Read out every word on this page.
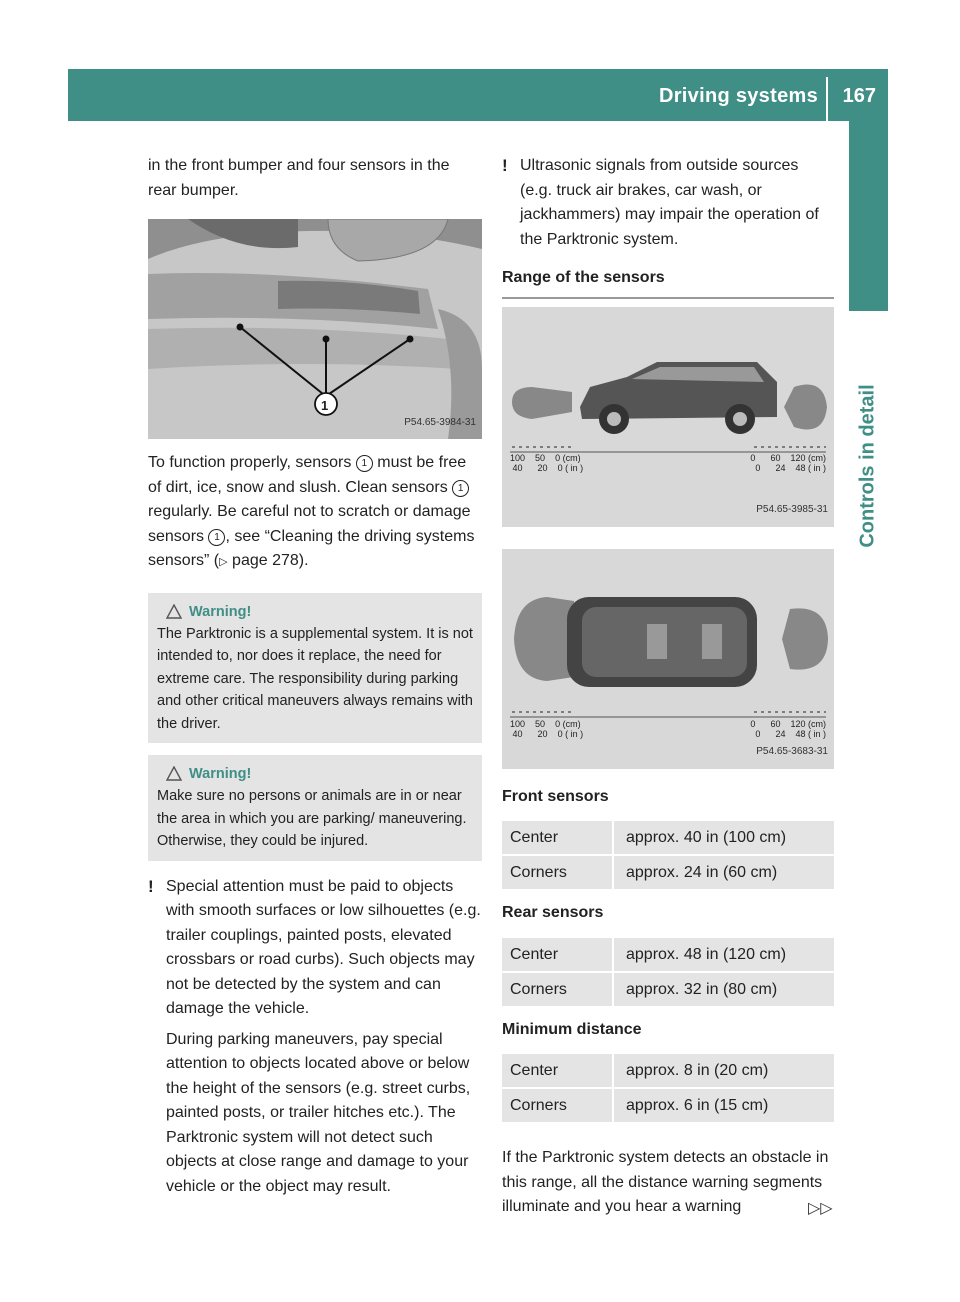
Driving systems 167
Controls in detail

in the front bumper and four sensors in the rear bumper.

1
P54.65-3984-31

To function properly, sensors 1 must be free of dirt, ice, snow and slush. Clean sensors 1 regularly. Be careful not to scratch or damage sensors 1 , see “Cleaning the driving systems sensors” (▷ page 278).

Warning!

The Parktronic is a supplemental system. It is not intended to, nor does it replace, the need for extreme care. The responsibility during parking and other critical maneuvers always remains with the driver.

Warning!

Make sure no persons or animals are in or near the area in which you are parking/ maneuvering. Otherwise, they could be injured.

! Special attention must be paid to objects with smooth surfaces or low silhouettes (e.g. trailer couplings, painted posts, elevated crossbars or road curbs). Such objects may not be detected by the system and can damage the vehicle.

During parking maneuvers, pay special attention to objects located above or below the height of the sensors (e.g. street curbs, painted posts, or trailer hitches etc.). The Parktronic system will not detect such objects at close range and damage to your vehicle or the object may result.

! Ultrasonic signals from outside sources (e.g. truck air brakes, car wash, or jackhammers) may impair the operation of the Parktronic system.

Range of the sensors

100 50 0 (cm)
40 20 0 ( in )
0 60 120 (cm)
0 24 48 ( in )
P54.65-3985-31
100 50 0 (cm)
40 20 0 ( in )
0 60 120 (cm)
0 24 48 ( in )
P54.65-3683-31

Front sensors

Center	approx. 40 in (100 cm)
Corners	approx. 24 in (60 cm)

Rear sensors

Center	approx. 48 in (120 cm)
Corners	approx. 32 in (80 cm)

Minimum distance

Center	approx. 8 in (20 cm)
Corners	approx. 6 in (15 cm)

If the Parktronic system detects an obstacle in this range, all the distance warning segments illuminate and you hear a warning	▷▷
